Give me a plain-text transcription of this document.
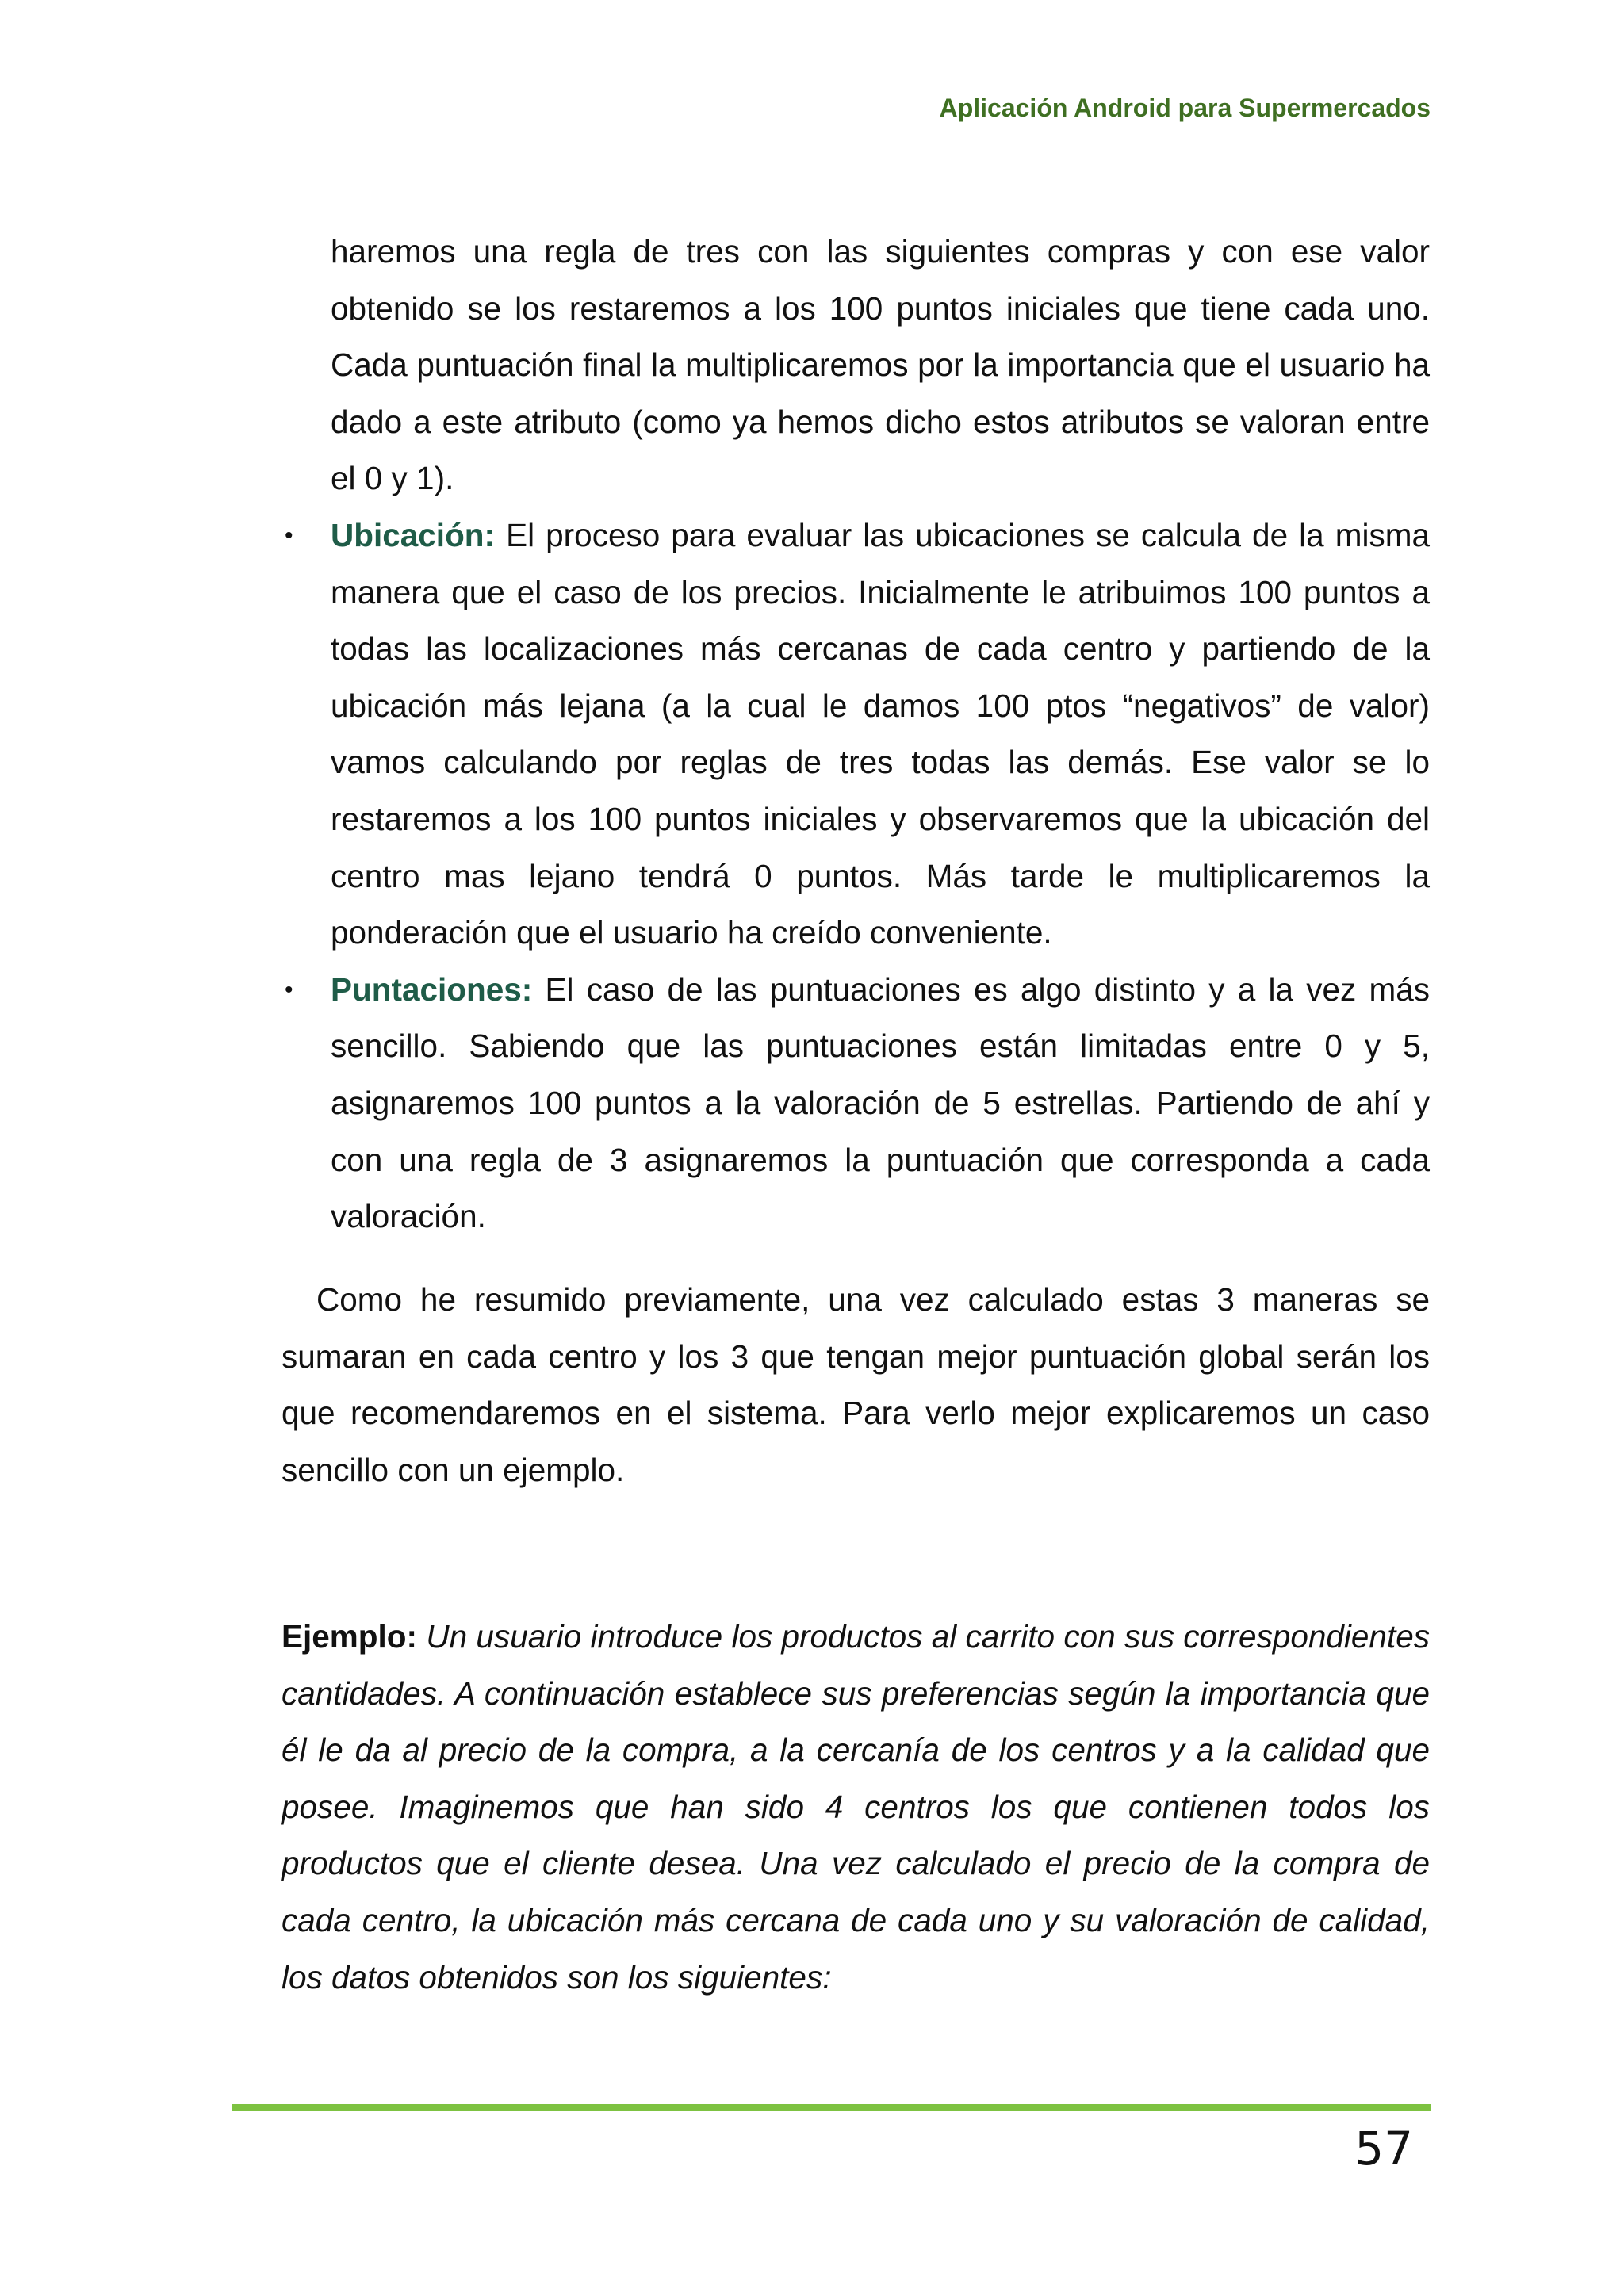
Aplicación Android para Supermercados

haremos una regla de tres con las siguientes compras y con ese valor obtenido se los restaremos a los 100 puntos iniciales que tiene cada uno. Cada puntuación final la multiplicaremos por la importancia que el usuario ha dado a este atributo (como ya hemos dicho estos atributos se valoran entre el 0 y 1).

• Ubicación: El proceso para evaluar las ubicaciones se calcula de la misma manera que el caso de los precios. Inicialmente le atribuimos 100 puntos a todas las localizaciones más cercanas de cada centro y partiendo de la ubicación más lejana (a la cual le damos 100 ptos “negativos” de valor) vamos calculando por reglas de tres todas las demás. Ese valor se lo restaremos a los 100 puntos iniciales y observaremos que la ubicación del centro mas lejano tendrá 0 puntos. Más tarde le multiplicaremos la ponderación que el usuario ha creído conveniente.
• Puntaciones: El caso de las puntuaciones es algo distinto y a la vez más sencillo. Sabiendo que las puntuaciones están limitadas entre 0 y 5, asignaremos 100 puntos a la valoración de 5 estrellas. Partiendo de ahí y con una regla de 3 asignaremos la puntuación que corresponda a cada valoración.

Como he resumido previamente, una vez calculado estas 3 maneras se sumaran en cada centro y los 3 que tengan mejor puntuación global serán los que recomendaremos en el sistema. Para verlo mejor explicaremos un caso sencillo con un ejemplo.

Ejemplo: Un usuario introduce los productos al carrito con sus correspondientes cantidades. A continuación establece sus preferencias según la importancia que él le da al precio de la compra, a la cercanía de los centros y a la calidad que posee. Imaginemos que han sido 4 centros los que contienen todos los productos que el cliente desea. Una vez calculado el precio de la compra de cada centro, la ubicación más cercana de cada uno y su valoración de calidad, los datos obtenidos son los siguientes:

57
